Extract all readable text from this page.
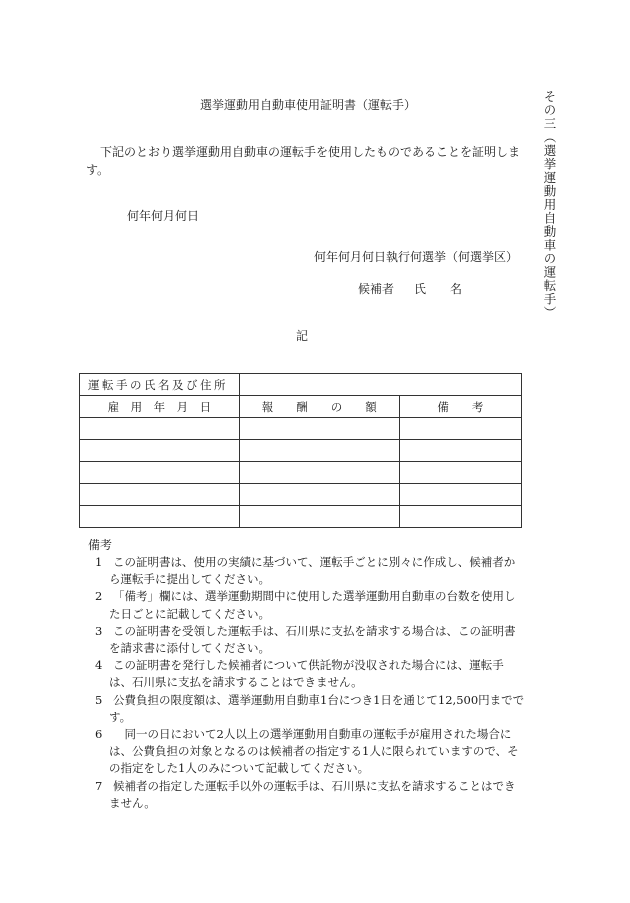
その三（選挙運動用自動車の運転手）
選挙運動用自動車使用証明書（運転手）
下記のとおり選挙運動用自動車の運転手を使用したものであることを証明します。
何年何月何日
何年何月何日執行何選挙（何選挙区）
候補者 氏　　名
記
運転手の氏名及び住所		
雇　用　年　月　日	報　　酬　　の　　額	備　　考

備考
1 この証明書は、使用の実績に基づいて、運転手ごとに別々に作成し、候補者から運転手に提出してください。
2 「備考」欄には、選挙運動期間中に使用した選挙運動用自動車の台数を使用した日ごとに記載してください。
3 この証明書を受領した運転手は、石川県に支払を請求する場合は、この証明書を請求書に添付してください。
4 この証明書を発行した候補者について供託物が没収された場合には、運転手は、石川県に支払を請求することはできません。
5 公費負担の限度額は、選挙運動用自動車1台につき1日を通じて12,500円までです。
6　同一の日において2人以上の選挙運動用自動車の運転手が雇用された場合には、公費負担の対象となるのは候補者の指定する1人に限られていますので、その指定をした1人のみについて記載してください。
7 候補者の指定した運転手以外の運転手は、石川県に支払を請求することはできません。
